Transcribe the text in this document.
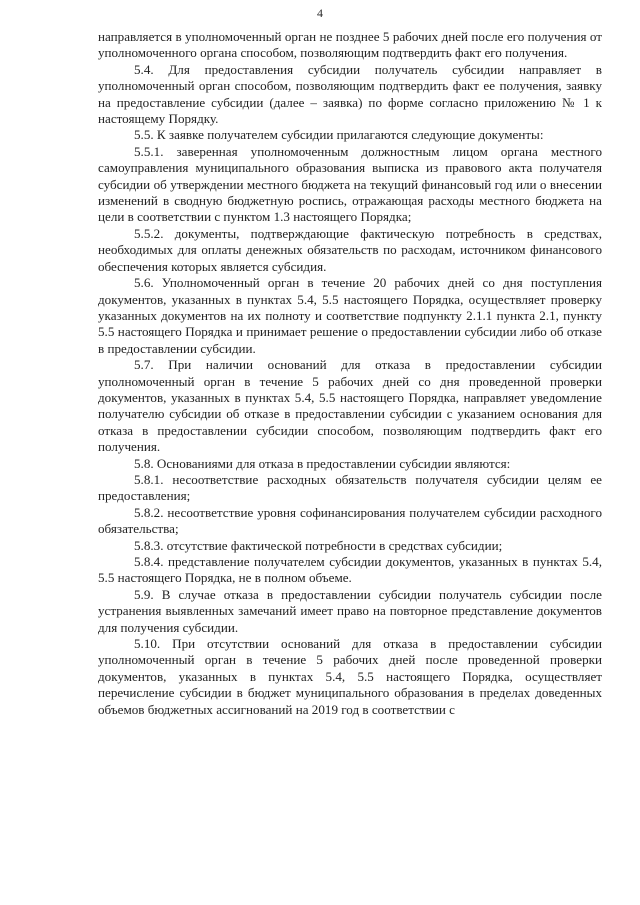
4

направляется в уполномоченный орган не позднее 5 рабочих дней после его получения от уполномоченного органа способом, позволяющим подтвердить факт его получения.

5.4. Для предоставления субсидии получатель субсидии направляет в уполномоченный орган способом, позволяющим подтвердить факт ее получения, заявку на предоставление субсидии (далее – заявка) по форме согласно приложению № 1 к настоящему Порядку.

5.5. К заявке получателем субсидии прилагаются следующие документы:

5.5.1. заверенная уполномоченным должностным лицом органа местного самоуправления муниципального образования выписка из правового акта получателя субсидии об утверждении местного бюджета на текущий финансовый год или о внесении изменений в сводную бюджетную роспись, отражающая расходы местного бюджета на цели в соответствии с пунктом 1.3 настоящего Порядка;

5.5.2. документы, подтверждающие фактическую потребность в средствах, необходимых для оплаты денежных обязательств по расходам, источником финансового обеспечения которых является субсидия.

5.6. Уполномоченный орган в течение 20 рабочих дней со дня поступления документов, указанных в пунктах 5.4, 5.5 настоящего Порядка, осуществляет проверку указанных документов на их полноту и соответствие подпункту 2.1.1 пункта 2.1, пункту 5.5 настоящего Порядка и принимает решение о предоставлении субсидии либо об отказе в предоставлении субсидии.

5.7. При наличии оснований для отказа в предоставлении субсидии уполномоченный орган в течение 5 рабочих дней со дня проведенной проверки документов, указанных в пунктах 5.4, 5.5 настоящего Порядка, направляет уведомление получателю субсидии об отказе в предоставлении субсидии с указанием основания для отказа в предоставлении субсидии способом, позволяющим подтвердить факт его получения.

5.8. Основаниями для отказа в предоставлении субсидии являются:

5.8.1. несоответствие расходных обязательств получателя субсидии целям ее предоставления;

5.8.2. несоответствие уровня софинансирования получателем субсидии расходного обязательства;

5.8.3. отсутствие фактической потребности в средствах субсидии;

5.8.4. представление получателем субсидии документов, указанных в пунктах 5.4, 5.5 настоящего Порядка, не в полном объеме.

5.9. В случае отказа в предоставлении субсидии получатель субсидии после устранения выявленных замечаний имеет право на повторное представление документов для получения субсидии.

5.10. При отсутствии оснований для отказа в предоставлении субсидии уполномоченный орган в течение 5 рабочих дней после проведенной проверки документов, указанных в пунктах 5.4, 5.5 настоящего Порядка, осуществляет перечисление субсидии в бюджет муниципального образования в пределах доведенных объемов бюджетных ассигнований на 2019 год в соответствии с
